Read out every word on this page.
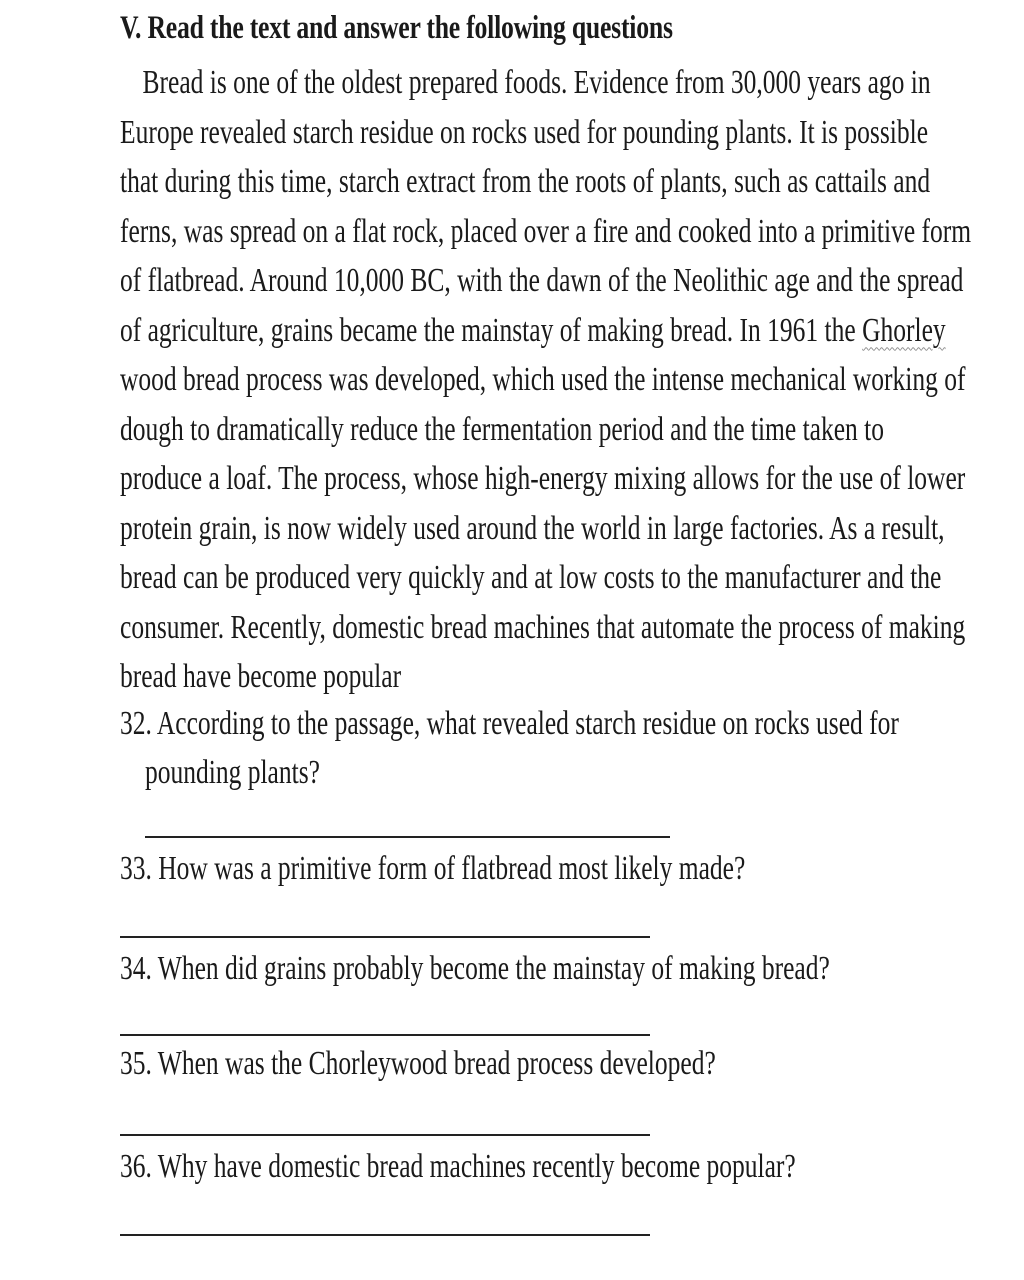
V. Read the text and answer the following questions
Bread is one of the oldest prepared foods. Evidence from 30,000 years ago in
Europe revealed starch residue on rocks used for pounding plants. It is possible
that during this time, starch extract from the roots of plants, such as cattails and
ferns, was spread on a flat rock, placed over a fire and cooked into a primitive form
of flatbread. Around 10,000 BC, with the dawn of the Neolithic age and the spread
of agriculture, grains became the mainstay of making bread. In 1961 the Ghorley
wood bread process was developed, which used the intense mechanical working of
dough to dramatically reduce the fermentation period and the time taken to
produce a loaf. The process, whose high-energy mixing allows for the use of lower
protein grain, is now widely used around the world in large factories. As a result,
bread can be produced very quickly and at low costs to the manufacturer and the
consumer. Recently, domestic bread machines that automate the process of making
bread have become popular
32. According to the passage, what revealed starch residue on rocks used for
pounding plants?
33. How was a primitive form of flatbread most likely made?
34. When did grains probably become the mainstay of making bread?
35. When was the Chorleywood bread process developed?
36. Why have domestic bread machines recently become popular?
